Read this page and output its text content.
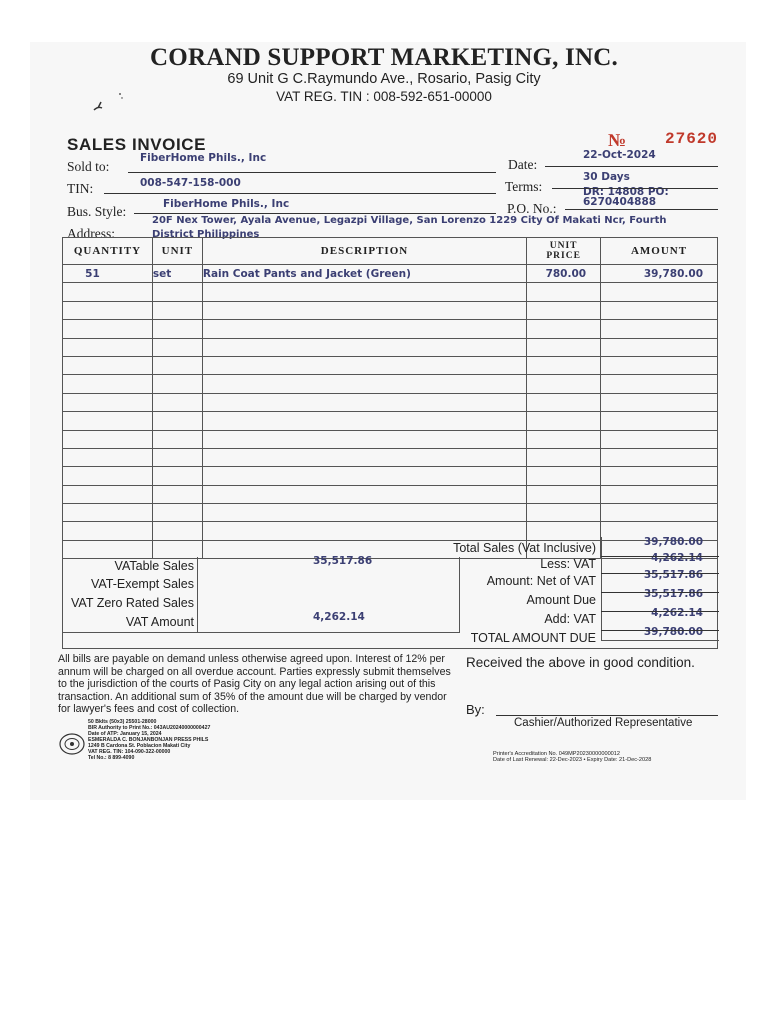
CORAND SUPPORT MARKETING, INC.
69 Unit G C.Raymundo Ave., Rosario, Pasig City
VAT REG. TIN : 008-592-651-00000
SALES INVOICE	№ 27620
Sold to:
FiberHome Phils., Inc
TIN:	008-547-158-000
Bus. Style:	FiberHome Phils., Inc
Address:
20F Nex Tower, Ayala Avenue, Legazpi Village, San Lorenzo 1229 City Of Makati Ncr, Fourth
District Philippines
Date:
22-Oct-2024
Terms:
30 Days
DR: 14808 PO:
P.O. No.:	6270404888
QUANTITY	UNIT	DESCRIPTION	UNIT PRICE	AMOUNT
51	set	Rain Coat Pants and Jacket (Green)	780.00	39,780.00

VATable Sales	35,517.86
VAT-Exempt Sales
VAT Zero Rated Sales
VAT Amount	4,262.14
Total Sales (Vat Inclusive)	39,780.00
Less: VAT	4,262.14
Amount: Net of VAT	35,517.86
Amount Due	35,517.86
Add: VAT	4,262.14
TOTAL AMOUNT DUE	39,780.00
All bills are payable on demand unless otherwise agreed upon. Interest of 12% per annum will be charged on all overdue account. Parties expressly submit themselves to the jurisdiction of the courts of Pasig City on any legal action arising out of this transaction. An additional sum of 35% of the amount due will be charged by vendor for lawyer's fees and cost of collection.
Received the above in good condition.
By:
Cashier/Authorized Representative
50 Bklts (50x3) 25501-28000
BIR Authority to Print No.: 043AU20240000000427
Date of ATP: January 15, 2024
ESMERALDA C. BONJANBONJAN PRESS PHILS
1249 B Cardona St. Poblacion Makati City
VAT REG. TIN: 104-090-322-00000
Tel No.: 8 899-4090
Printer's Accreditation No. 049MP20230000000012
Date of Last Renewal: 22-Dec-2023 • Expiry Date: 21-Dec-2028
